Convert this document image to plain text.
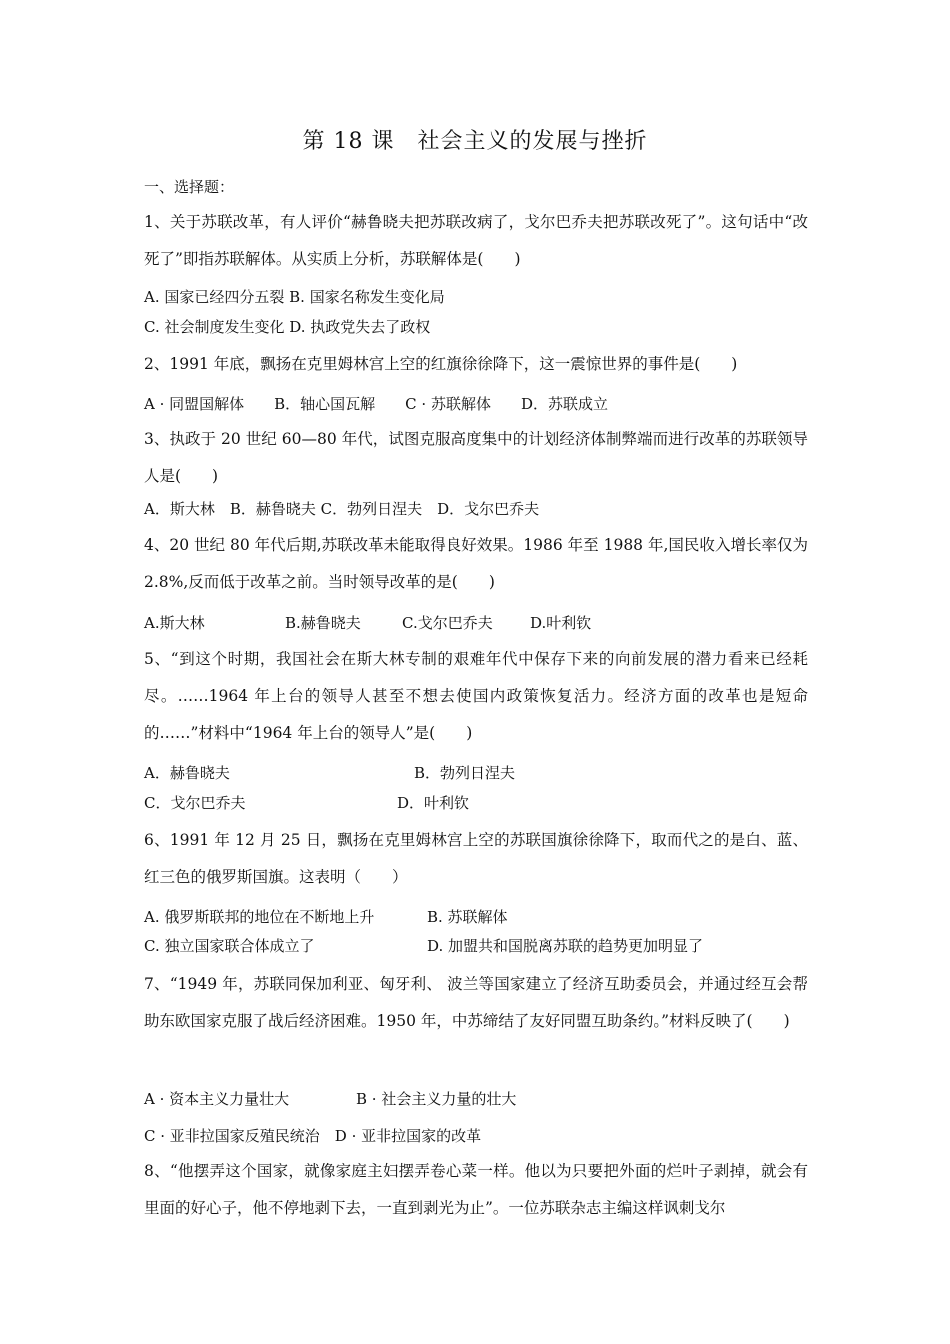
第 18 课　社会主义的发展与挫折
一、选择题：
1、关于苏联改革，有人评价“赫鲁晓夫把苏联改病了，戈尔巴乔夫把苏联改死了”。这句话中“改死了”即指苏联解体。从实质上分析，苏联解体是(　　)
A. 国家已经四分五裂 B. 国家名称发生变化局
C. 社会制度发生变化 D. 执政党失去了政权
2、1991 年底，飘扬在克里姆林宫上空的红旗徐徐降下，这一震惊世界的事件是(　　)
A · 同盟国解体　　B．轴心国瓦解　　C · 苏联解体　　D．苏联成立
3、执政于 20 世纪 60—80 年代，试图克服高度集中的计划经济体制弊端而进行改革的苏联领导人是(　　)
A．斯大林　B．赫鲁晓夫 C．勃列日涅夫　D．戈尔巴乔夫
4、20 世纪 80 年代后期,苏联改革未能取得良好效果。1986 年至 1988 年,国民收入增长率仅为 2.8%,反而低于改革之前。当时领导改革的是(　　)
A.斯大林	B.赫鲁晓夫	C.戈尔巴乔夫 D.叶利钦
5、“到这个时期，我国社会在斯大林专制的艰难年代中保存下来的向前发展的潜力看来已经耗尽。……1964 年上台的领导人甚至不想去使国内政策恢复活力。经济方面的改革也是短命的……”材料中“1964 年上台的领导人”是(　　)
A．赫鲁晓夫	B．勃列日涅夫
C．戈尔巴乔夫	D．叶利钦
6、1991 年 12 月 25 日，飘扬在克里姆林宫上空的苏联国旗徐徐降下，取而代之的是白、蓝、红三色的俄罗斯国旗。这表明（　　）
A. 俄罗斯联邦的地位在不断地上升	B. 苏联解体
C. 独立国家联合体成立了	D. 加盟共和国脱离苏联的趋势更加明显了
7、“1949 年，苏联同保加利亚、匈牙利、 波兰等国家建立了经济互助委员会，并通过经互会帮助东欧国家克服了战后经济困难。1950 年，中苏缔结了友好同盟互助条约。”材料反映了(　　)
A · 资本主义力量壮大	B · 社会主义力量的壮大
C · 亚非拉国家反殖民统治　D · 亚非拉国家的改革
8、“他摆弄这个国家，就像家庭主妇摆弄卷心菜一样。他以为只要把外面的烂叶子剥掉，就会有里面的好心子，他不停地剥下去，一直到剥光为止”。一位苏联杂志主编这样讽刺戈尔
